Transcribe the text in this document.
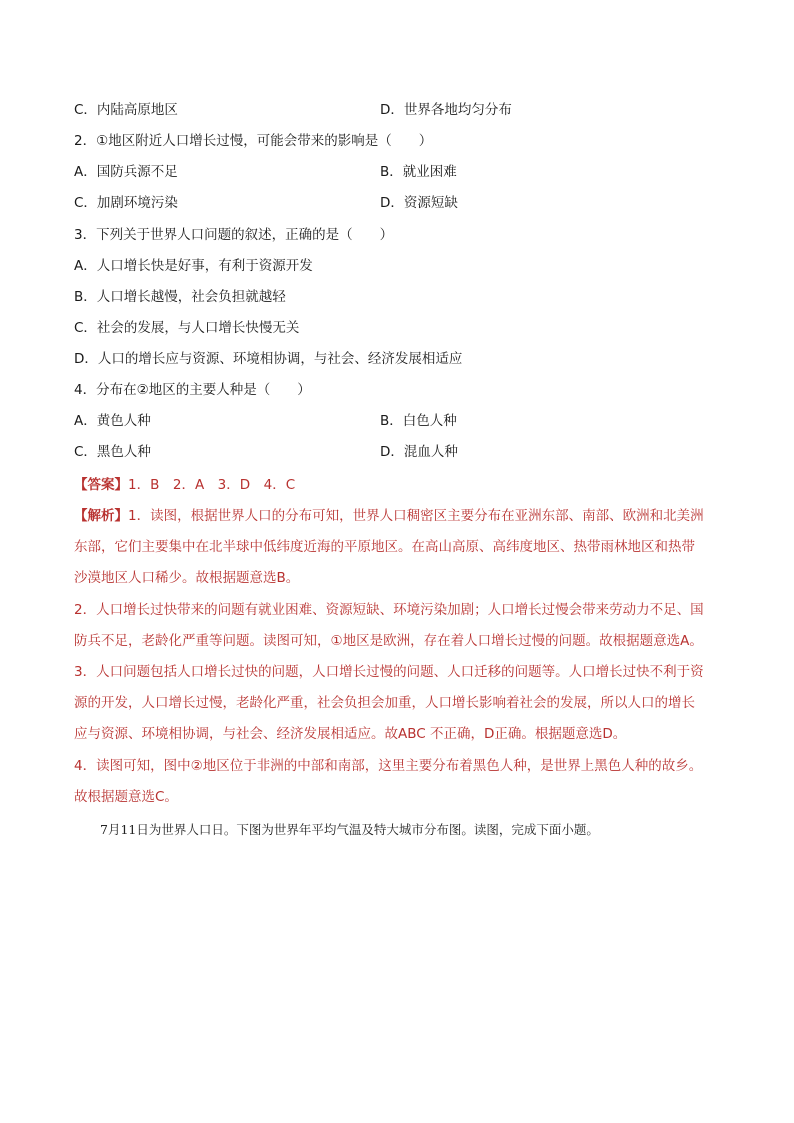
C．内陆高原地区	D．世界各地均匀分布
2．①地区附近人口增长过慢，可能会带来的影响是（　　）
A．国防兵源不足	B．就业困难
C．加剧环境污染	D．资源短缺
3．下列关于世界人口问题的叙述，正确的是（　　）
A．人口增长快是好事，有利于资源开发
B．人口增长越慢，社会负担就越轻
C．社会的发展，与人口增长快慢无关
D．人口的增长应与资源、环境相协调，与社会、经济发展相适应
4．分布在②地区的主要人种是（　　）
A．黄色人种	B．白色人种
C．黑色人种	D．混血人种
【答案】1．B　2．A　3．D　4．C
【解析】1．读图，根据世界人口的分布可知，世界人口稠密区主要分布在亚洲东部、南部、欧洲和北美洲
东部，它们主要集中在北半球中低纬度近海的平原地区。在高山高原、高纬度地区、热带雨林地区和热带
沙漠地区人口稀少。故根据题意选B。
2．人口增长过快带来的问题有就业困难、资源短缺、环境污染加剧；人口增长过慢会带来劳动力不足、国
防兵不足，老龄化严重等问题。读图可知，①地区是欧洲，存在着人口增长过慢的问题。故根据题意选A。
3．人口问题包括人口增长过快的问题，人口增长过慢的问题、人口迁移的问题等。人口增长过快不利于资
源的开发，人口增长过慢，老龄化严重，社会负担会加重，人口增长影响着社会的发展，所以人口的增长
应与资源、环境相协调，与社会、经济发展相适应。故ABC 不正确，D正确。根据题意选D。
4．读图可知，图中②地区位于非洲的中部和南部，这里主要分布着黑色人种，是世界上黑色人种的故乡。
故根据题意选C。
7月11日为世界人口日。下图为世界年平均气温及特大城市分布图。读图，完成下面小题。
